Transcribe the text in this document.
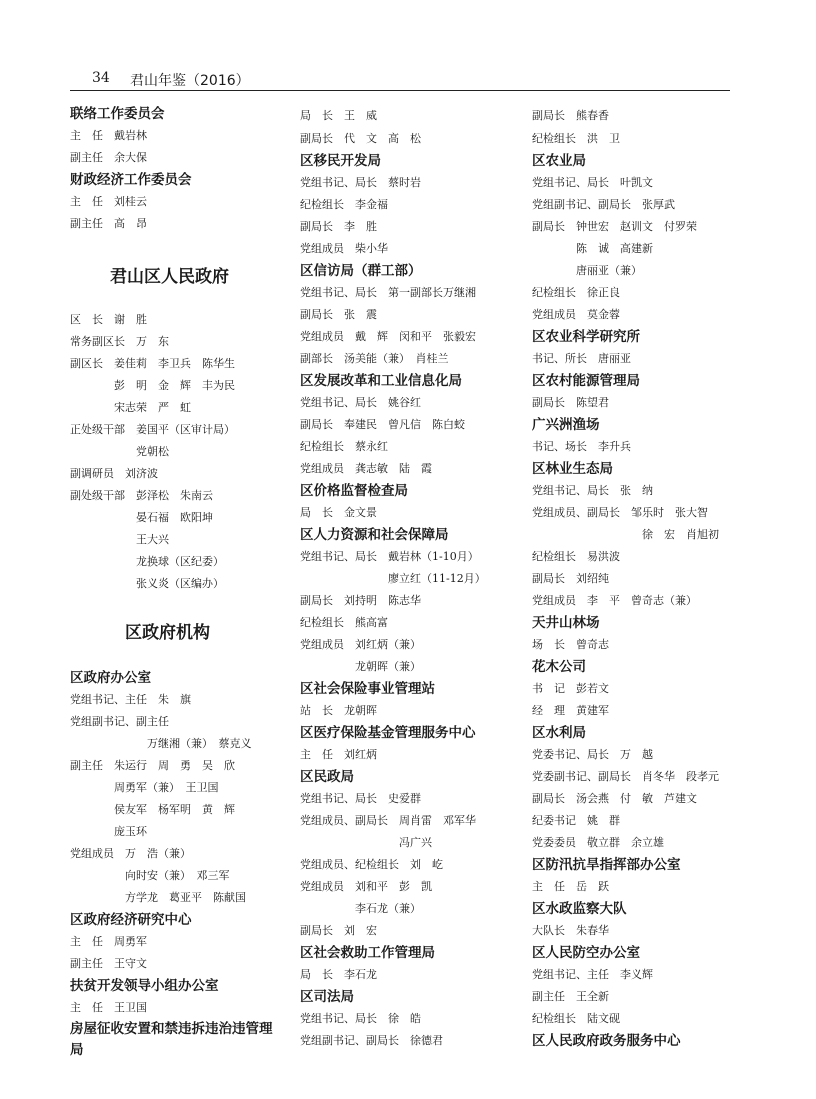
34 君山年鉴（2016）
联络工作委员会
主　任　戴岩林
副主任　余大保
财政经济工作委员会
主　任　刘桂云
副主任　高　昂
君山区人民政府
区　长　谢　胜
常务副区长　万　东
副区长　姜佳莉　李卫兵　陈华生
　　　　彭　明　金　辉　丰为民
　　　　宋志荣　严　虹
正处级干部　姜国平（区审计局）
　　　　　　党朝松
副调研员　刘济波
副处级干部　彭泽松　朱南云
　　　　　　晏石福　欧阳坤
　　　　　　王大兴
　　　　　　龙换球（区纪委）
　　　　　　张义炎（区编办）
区政府机构
区政府办公室
党组书记、主任　朱　旗
党组副书记、副主任
　　　　　　　万继湘（兼）　蔡克义
副主任　朱运行　周　勇　吴　欣
　　　　周勇军（兼）　王卫国
　　　　侯友军　杨军明　黄　辉
　　　　庞玉环
党组成员　万　浩（兼）
　　　　　向时安（兼）　邓三军
　　　　　方学龙　葛亚平　陈献国
区政府经济研究中心
主　任　周勇军
副主任　王守文
扶贫开发领导小组办公室
主　任　王卫国
房屋征收安置和禁违拆违治违管理局
局　长　王　威
副局长　代　文　高　松
区移民开发局
党组书记、局长　蔡时岩
纪检组长　李金福
副局长　李　胜
党组成员　柴小华
区信访局（群工部）
党组书记、局长　第一副部长万继湘
副局长　张　震
党组成员　戴　辉　闵和平　张毅宏
副部长　汤美能（兼）　肖桂兰
区发展改革和工业信息化局
党组书记、局长　姚谷红
副局长　奉建民　曾凡信　陈白蛟
纪检组长　蔡永红
党组成员　龚志敏　陆　霞
区价格监督检查局
局　长　金文景
区人力资源和社会保障局
党组书记、局长　戴岩林（1-10月）
　　　　　　　　廖立红（11-12月）
副局长　刘持明　陈志华
纪检组长　熊高富
党组成员　刘红炳（兼）
　　　　　龙朝晖（兼）
区社会保险事业管理站
站　长　龙朝晖
区医疗保险基金管理服务中心
主　任　刘红炳
区民政局
党组书记、局长　史爱群
党组成员、副局长　周肖雷　邓军华
　　　　　　　　　冯广兴
党组成员、纪检组长　刘　屹
党组成员　刘和平　彭　凯
　　　　　李石龙（兼）
副局长　刘　宏
区社会救助工作管理局
局　长　李石龙
区司法局
党组书记、局长　徐　皓
党组副书记、副局长　徐德君
副局长　熊春香
纪检组长　洪　卫
区农业局
党组书记、局长　叶凯文
党组副书记、副局长　张厚武
副局长　钟世宏　赵训文　付罗荣
　　　　陈　诚　高建新
　　　　唐丽亚（兼）
纪检组长　徐正良
党组成员　莫金蓉
区农业科学研究所
书记、所长　唐丽亚
区农村能源管理局
副局长　陈望君
广兴洲渔场
书记、场长　李升兵
区林业生态局
党组书记、局长　张　纳
党组成员、副局长　邹乐时　张大智
　　　　　　　　　　徐　宏　肖旭初
纪检组长　易洪波
副局长　刘绍纯
党组成员　李　平　曾奇志（兼）
天井山林场
场　长　曾奇志
花木公司
书　记　彭若文
经　理　黄建军
区水利局
党委书记、局长　万　越
党委副书记、副局长　肖冬华　段孝元
副局长　汤会燕　付　敏　芦建文
纪委书记　姚　群
党委委员　敬立群　余立雄
区防汛抗旱指挥部办公室
主　任　岳　跃
区水政监察大队
大队长　朱春华
区人民防空办公室
党组书记、主任　李义辉
副主任　王全新
纪检组长　陆文砚
区人民政府政务服务中心
